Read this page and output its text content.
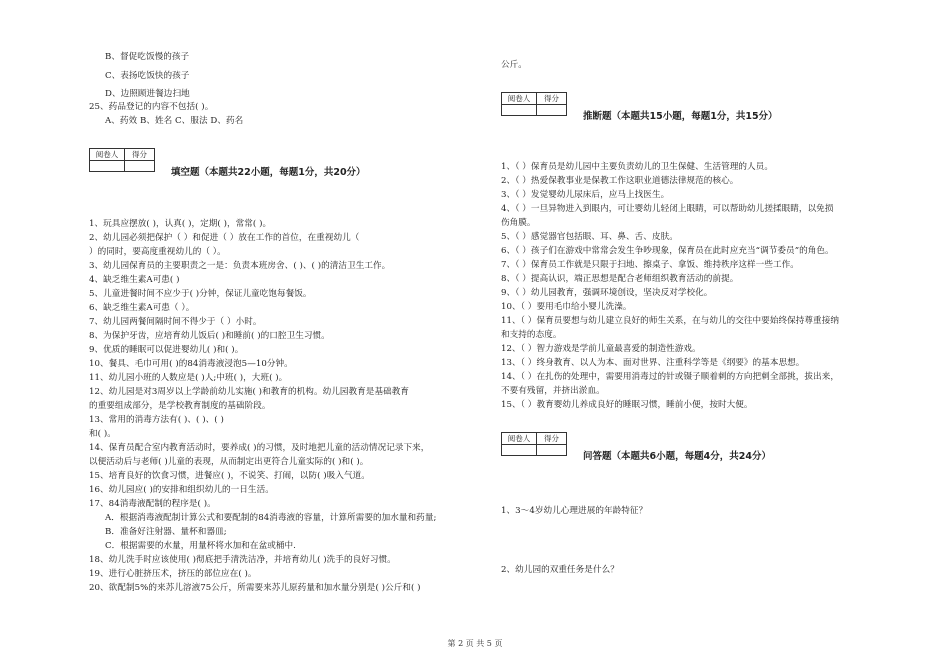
B、督促吃饭慢的孩子
C、表扬吃饭快的孩子
D、边照顾进餐边扫地
25、药品登记的内容不包括( )。
A、药效 B、姓名 C、服法 D、药名
阅卷人	得分
填空题（本题共22小题，每题1分，共20分）
1、玩具应摆放( )，认真( )，定期( )，常常( )。
2、幼儿园必须把保护（ ）和促进（ ）放在工作的首位，在重视幼儿（
）的同时，要高度重视幼儿的（ ）。
3、幼儿园保育员的主要职责之一是：负责本班房舍、( )、( )的清洁卫生工作。
4、缺乏维生素A可患( )
5、儿童进餐时间不应少于( )分钟，保证儿童吃饱每餐饭。
6、缺乏维生素A可患（ ）。
7、幼儿园两餐间隔时间不得少于（ ）小时。
8、为保护牙齿，应培育幼儿饭后( )和睡前( )的口腔卫生习惯。
9、优质的睡眠可以促进婴幼儿( )和( )。
10、餐具、毛巾可用( )的84消毒液浸泡5—10分钟。
11、幼儿园小班的人数应是( )人;中班( )，大班( )。
12、幼儿园是对3周岁以上学龄前幼儿实施( )和教育的机构。幼儿园教育是基础教育
的重要组成部分，是学校教育制度的基础阶段。
13、常用的消毒方法有( )、( )、( )
和( )。
14、保育员配合室内教育活动时，要养成( )的习惯，及时地把儿童的活动情况记录下来，
以便活动后与老师( )儿童的表现，从而制定出更符合儿童实际的( )和( )。
15、培育良好的饮食习惯，进餐应( )，不说笑、打闹，以防( )吸入气道。
16、幼儿园应( )的安排和组织幼儿的一日生活。
17、84消毒液配制的程序是( )。
A．根据消毒液配制计算公式和要配制的84消毒液的容量，计算所需要的加水量和药量;
B．准备好注射器、量杯和器皿;
C．根据需要的水量，用量杯将水加和在盆或桶中.
18、幼儿洗手时应该使用( )彻底把手清洗洁净，并培育幼儿( )洗手的良好习惯。
19、进行心脏挤压术，挤压的部位应在( )。
20、欲配制5%的来苏儿溶液75公斤，所需要来苏儿原药量和加水量分别是( )公斤和( )
公斤。
阅卷人	得分
推断题（本题共15小题，每题1分，共15分）
1、（ ）保育员是幼儿园中主要负责幼儿的卫生保健、生活管理的人员。
2、（ ）热爱保教事业是保教工作这职业道德法律规范的核心。
3、（ ）发觉婴幼儿尿床后，应马上找医生。
4、（ ）一旦异物进入到眼内，可让婴幼儿轻闭上眼睛，可以帮助幼儿搓揉眼睛，以免损
伤角膜。
5、（ ）感觉器官包括眼、耳、鼻、舌、皮肤。
6、（ ）孩子们在游戏中常常会发生争吵现象，保育员在此时应充当“调节委员”的角色。
7、（ ）保育员工作就是只限于扫地、擦桌子、拿饭、维持秩序这样一些工作。
8、（ ）提高认识，端正思想是配合老师组织教育活动的前提。
9、（ ）幼儿园教育，强调环境创设，坚决反对学校化。
10、（ ）要用毛巾给小婴儿洗澡。
11、（ ）保育员要想与幼儿建立良好的师生关系，在与幼儿的交往中要始终保持尊重接纳
和支持的态度。
12、（ ）智力游戏是学前儿童最喜爱的制造性游戏。
13、（ ）终身教育、以人为本、面对世界、注重科学等是《纲要》的基本思想。
14、（ ）在扎伤的处理中，需要用消毒过的针或镊子顺着刺的方向把刺全部挑，拔出来，
不要有残留，并挤出淤血。
15、（ ）教育婴幼儿养成良好的睡眠习惯，睡前小便，按时大便。
阅卷人	得分
问答题（本题共6小题，每题4分，共24分）
1、3～4岁幼儿心理进展的年龄特征？
2、幼儿园的双重任务是什么？
第 2 页 共 5 页
